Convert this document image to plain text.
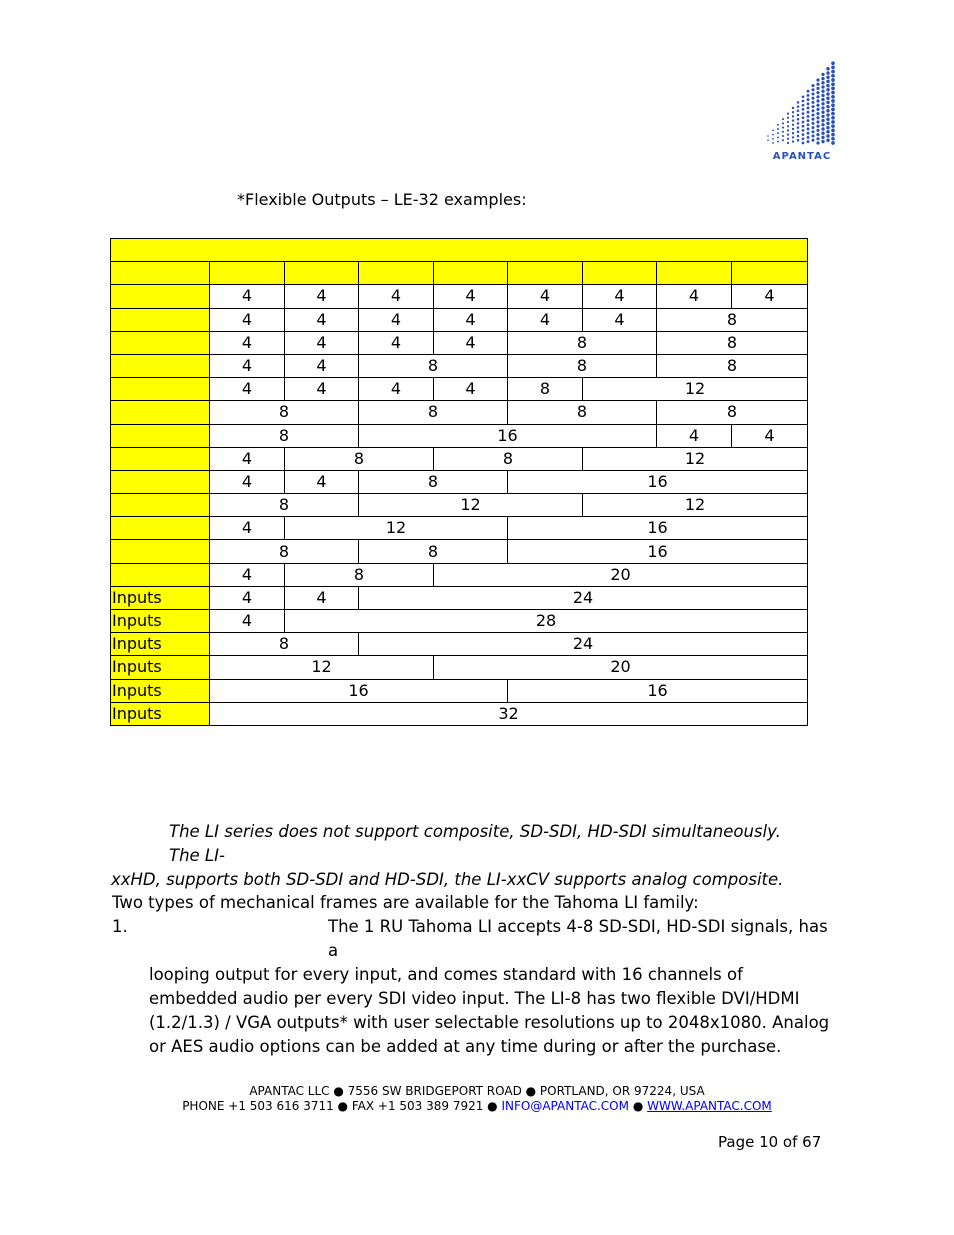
APANTAC
*Flexible Outputs – LE-32 examples:

	4	4	4	4	4	4	4	4
	4	4	4	4	4	4	8	
	4	4	4	4	8		8	
	4	4	8		8		8	
	4	4	4	4	8	12		
	8		8		8		8	
	8		16				4	4
	4	8		8		12		
	4	4	8		16			
	8		12			12		
	4	12			16			
	8		8		16			
	4	8		20				
Inputs	4	4	24					
Inputs	4	28						
Inputs	8		24					
Inputs	12			20				
Inputs	16				16			
Inputs	32							
The LI series does not support composite, SD-SDI, HD-SDI simultaneously. The LI-
xxHD, supports both SD-SDI and HD-SDI, the LI-xxCV supports analog composite.
Two types of mechanical frames are available for the Tahoma LI family:
1.	The 1 RU Tahoma LI accepts 4-8 SD-SDI, HD-SDI signals, has a
looping output for every input, and comes standard with 16 channels of embedded audio per every SDI video input. The LI-8 has two flexible DVI/HDMI (1.2/1.3) / VGA outputs* with user selectable resolutions up to 2048x1080. Analog or AES audio options can be added at any time during or after the purchase.
APANTAC LLC ● 7556 SW BRIDGEPORT ROAD ● PORTLAND, OR 97224, USA
PHONE +1 503 616 3711 ● FAX +1 503 389 7921 ● INFO@APANTAC.COM ● WWW.APANTAC.COM
Page 10 of 67
